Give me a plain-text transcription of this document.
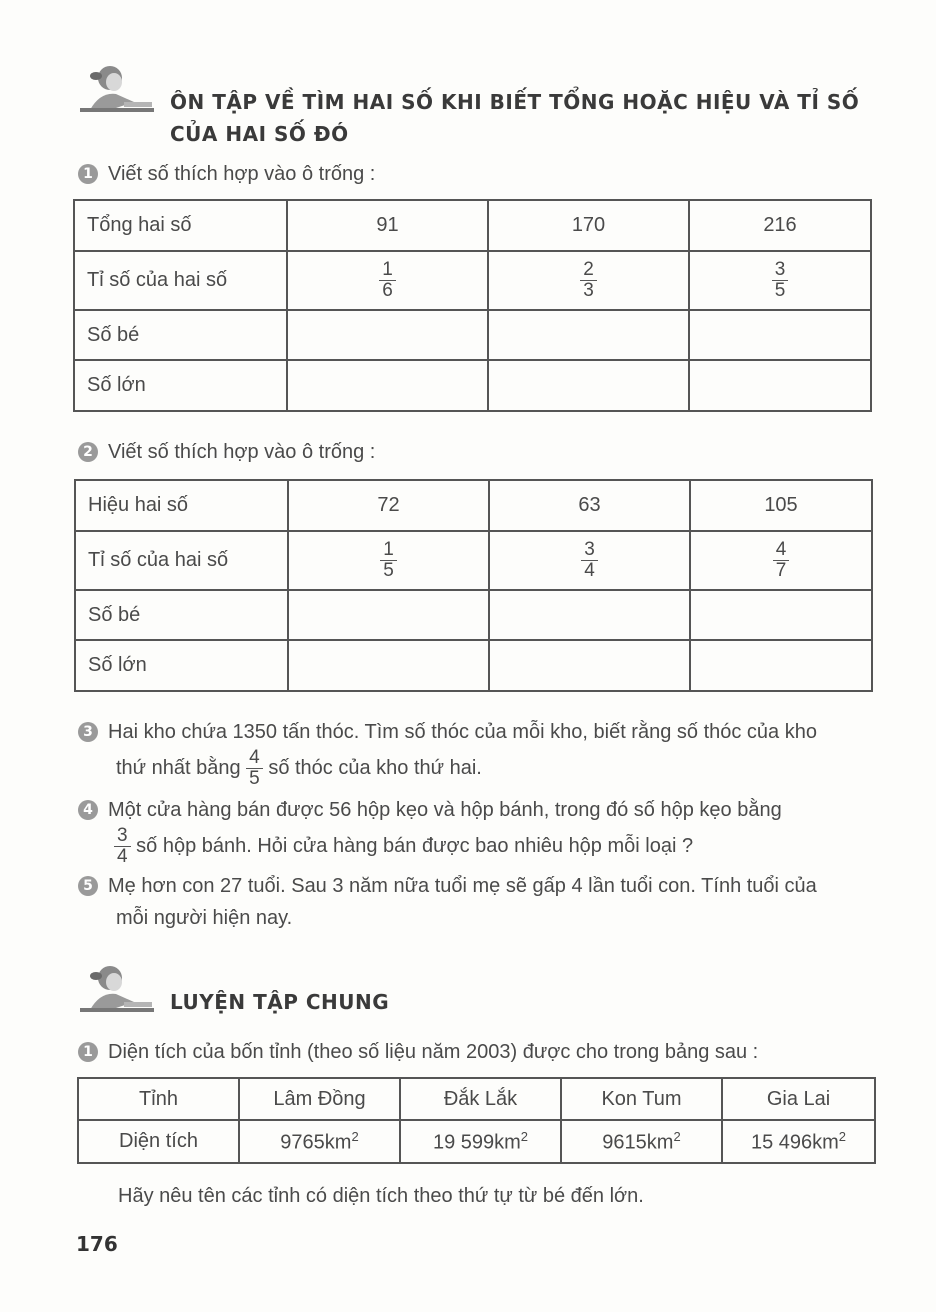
ÔN TẬP VỀ TÌM HAI SỐ KHI BIẾT TỔNG HOẶC HIỆU VÀ TỈ SỐ
CỦA HAI SỐ ĐÓ
1 Viết số thích hợp vào ô trống :
Tổng hai số	91	170	216
Tỉ số của hai số	$\frac{1}{6}$	$\frac{2}{3}$	$\frac{3}{5}$

Số bé			
Số lớn			
2 Viết số thích hợp vào ô trống :
Hiệu hai số	72	63	105
Tỉ số của hai số	$\frac{1}{5}$	$\frac{3}{4}$	$\frac{4}{7}$

Số bé			
Số lớn			
3 Hai kho chứa 1350 tấn thóc. Tìm số thóc của mỗi kho, biết rằng số thóc của kho
thứ nhất bằng $\frac{4}{5}$ số thóc của kho thứ hai.
4 Một cửa hàng bán được 56 hộp kẹo và hộp bánh, trong đó số hộp kẹo bằng
$\frac{3}{4}$ số hộp bánh. Hỏi cửa hàng bán được bao nhiêu hộp mỗi loại ?
5 Mẹ hơn con 27 tuổi. Sau 3 năm nữa tuổi mẹ sẽ gấp 4 lần tuổi con. Tính tuổi của
mỗi người hiện nay.
LUYỆN TẬP CHUNG
1 Diện tích của bốn tỉnh (theo số liệu năm 2003) được cho trong bảng sau :
Tỉnh	Lâm Đồng	Đắk Lắk	Kon Tum	Gia Lai
Diện tích	$9765km^2$	19 $599km^2$	$9615km^2$	15 $496km^2$
Hãy nêu tên các tỉnh có diện tích theo thứ tự từ bé đến lớn.
176
